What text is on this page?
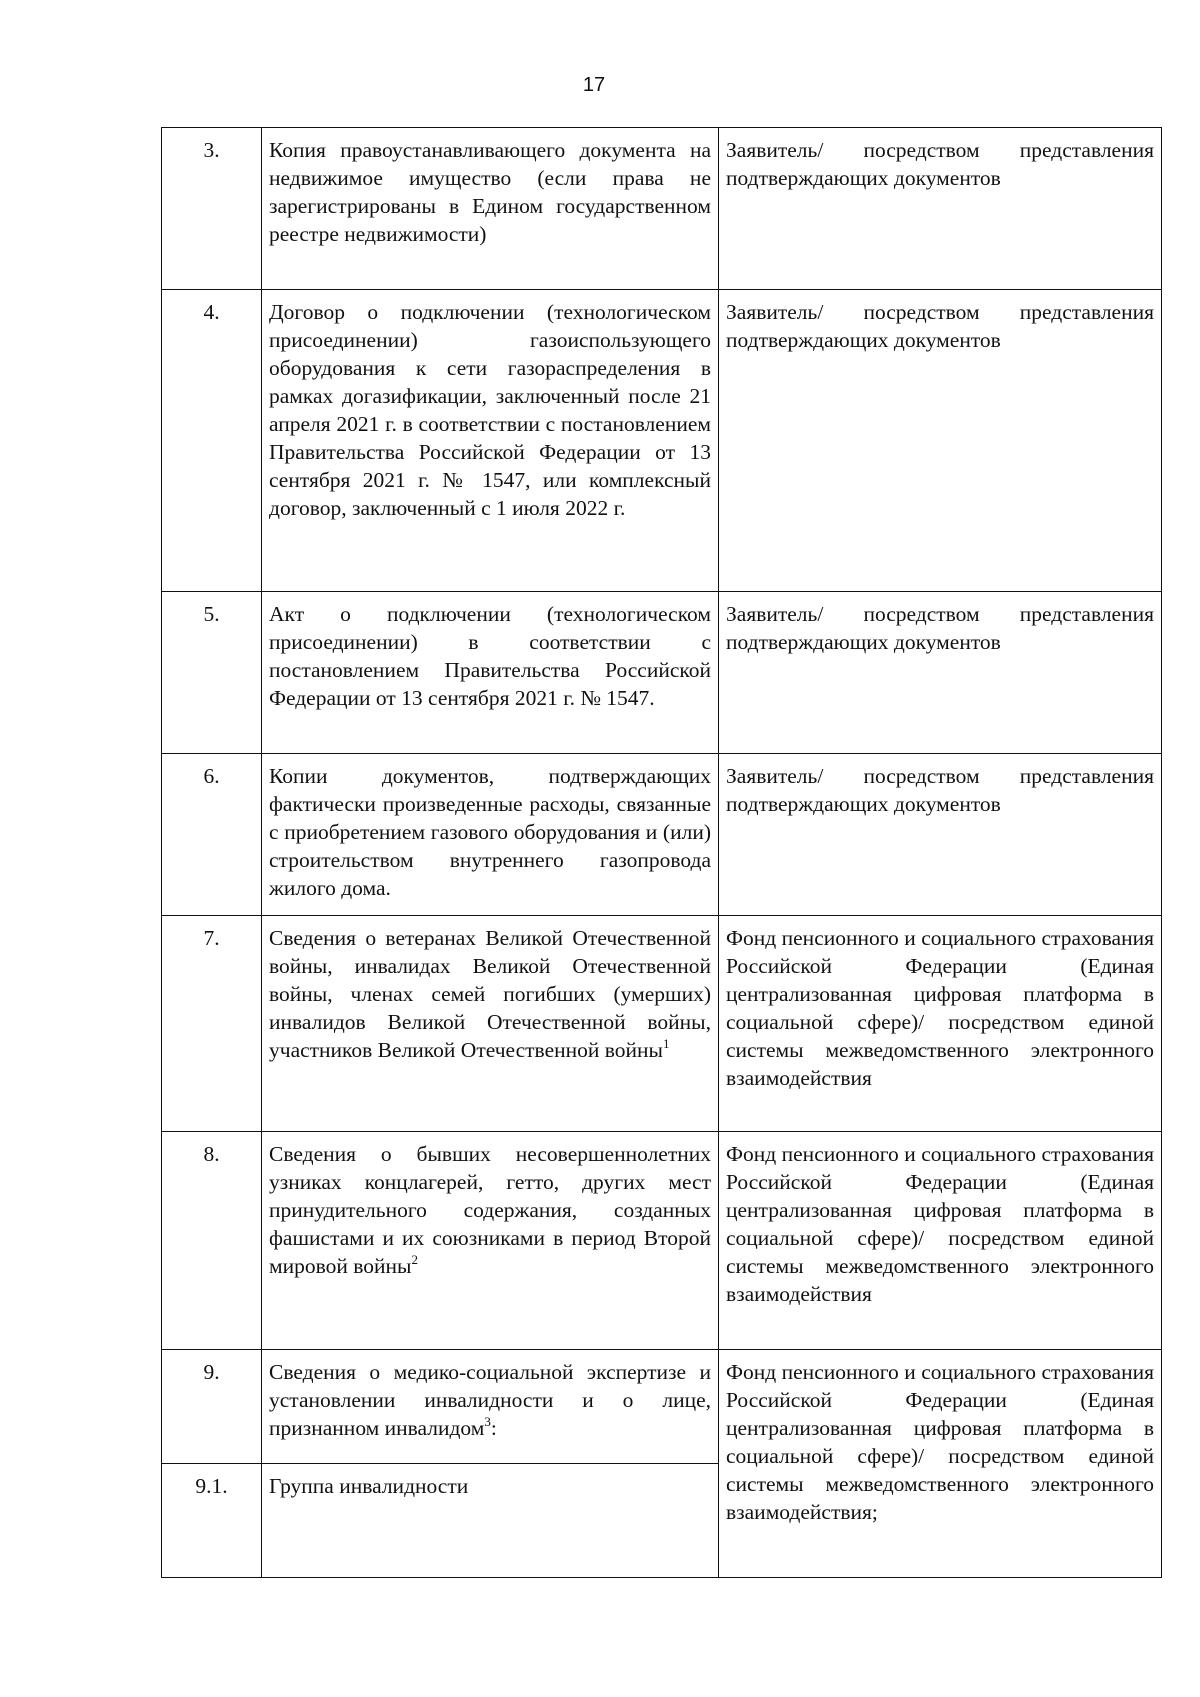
17
3.	Копия правоустанавливающего документа на недвижимое имущество (если права не зарегистрированы в Едином государственном реестре недвижимости)	Заявитель/ посредством представления подтверждающих документов
4.	Договор о подключении (технологическом присоединении) газоиспользующего оборудования к сети газораспределения в рамках догазификации, заключенный после 21 апреля 2021 г. в соответствии с постановлением Правительства Российской Федерации от 13 сентября 2021 г. № 1547, или комплексный договор, заключенный с 1 июля 2022 г.	Заявитель/ посредством представления подтверждающих документов
5.	Акт о подключении (технологическом присоединении) в соответствии с постановлением Правительства Российской Федерации от 13 сентября 2021 г. № 1547.	Заявитель/ посредством представления подтверждающих документов
6.	Копии документов, подтверждающих фактически произведенные расходы, связанные с приобретением газового оборудования и (или) строительством внутреннего газопровода жилого дома.	Заявитель/ посредством представления подтверждающих документов
7.	Сведения о ветеранах Великой Отечественной войны, инвалидах Великой Отечественной войны, членах семей погибших (умерших) инвалидов Великой Отечественной войны, участников Великой Отечественной войны$^1$	Фонд пенсионного и социального страхования Российской Федерации (Единая централизованная цифровая платформа в социальной сфере)/ посредством единой системы межведомственного электронного взаимодействия
8.	Сведения о бывших несовершеннолетних узниках концлагерей, гетто, других мест принудительного содержания, созданных фашистами и их союзниками в период Второй мировой войны$^2$	Фонд пенсионного и социального страхования Российской Федерации (Единая централизованная цифровая платформа в социальной сфере)/ посредством единой системы межведомственного электронного взаимодействия
9.	Сведения о медико-социальной экспертизе и установлении инвалидности и о лице, признанном инвалидом$^3$:	Фонд пенсионного и социального страхования Российской Федерации (Единая централизованная цифровая платформа в социальной сфере)/ посредством единой системы межведомственного электронного взаимодействия;
9.1.	Группа инвалидности	
